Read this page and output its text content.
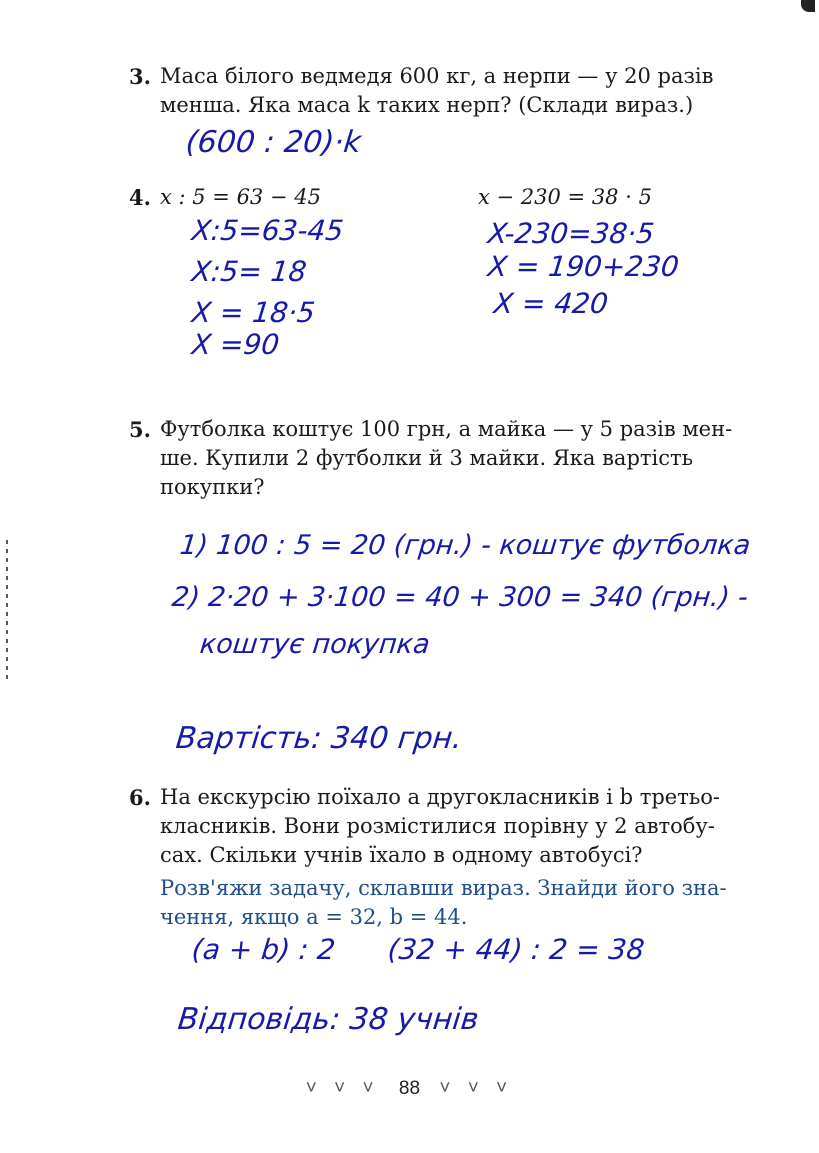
3. Маса білого ведмедя 600 кг, а нерпи — у 20 разів
менша. Яка маса k таких нерп? (Склади вираз.)
(600 : 20)·k
4. x : 5 = 63 − 45	x − 230 = 38 · 5
X:5=63-45
X:5= 18
X = 18·5
X =90
X-230=38·5
X = 190+230
X = 420
5. Футболка коштує 100 грн, а майка — у 5 разів мен-
ше. Купили 2 футболки й 3 майки. Яка вартість
покупки?
1) 100 : 5 = 20 (грн.) - коштує футболка
2) 2·20 + 3·100 = 40 + 300 = 340 (грн.) -
коштує покупка
Вартість: 340 грн.
6. На екскурсію поїхало a другокласників і b третьо-
класників. Вони розмістилися порівну у 2 автобу-
сах. Скільки учнів їхало в одному автобусі?
Розв'яжи задачу, склавши вираз. Знайди його зна-
чення, якщо a = 32, b = 44.
(a + b) : 2 (32 + 44) : 2 = 38
Відповідь: 38 учнів
˅ ˅ ˅ 88 ˅ ˅ ˅
